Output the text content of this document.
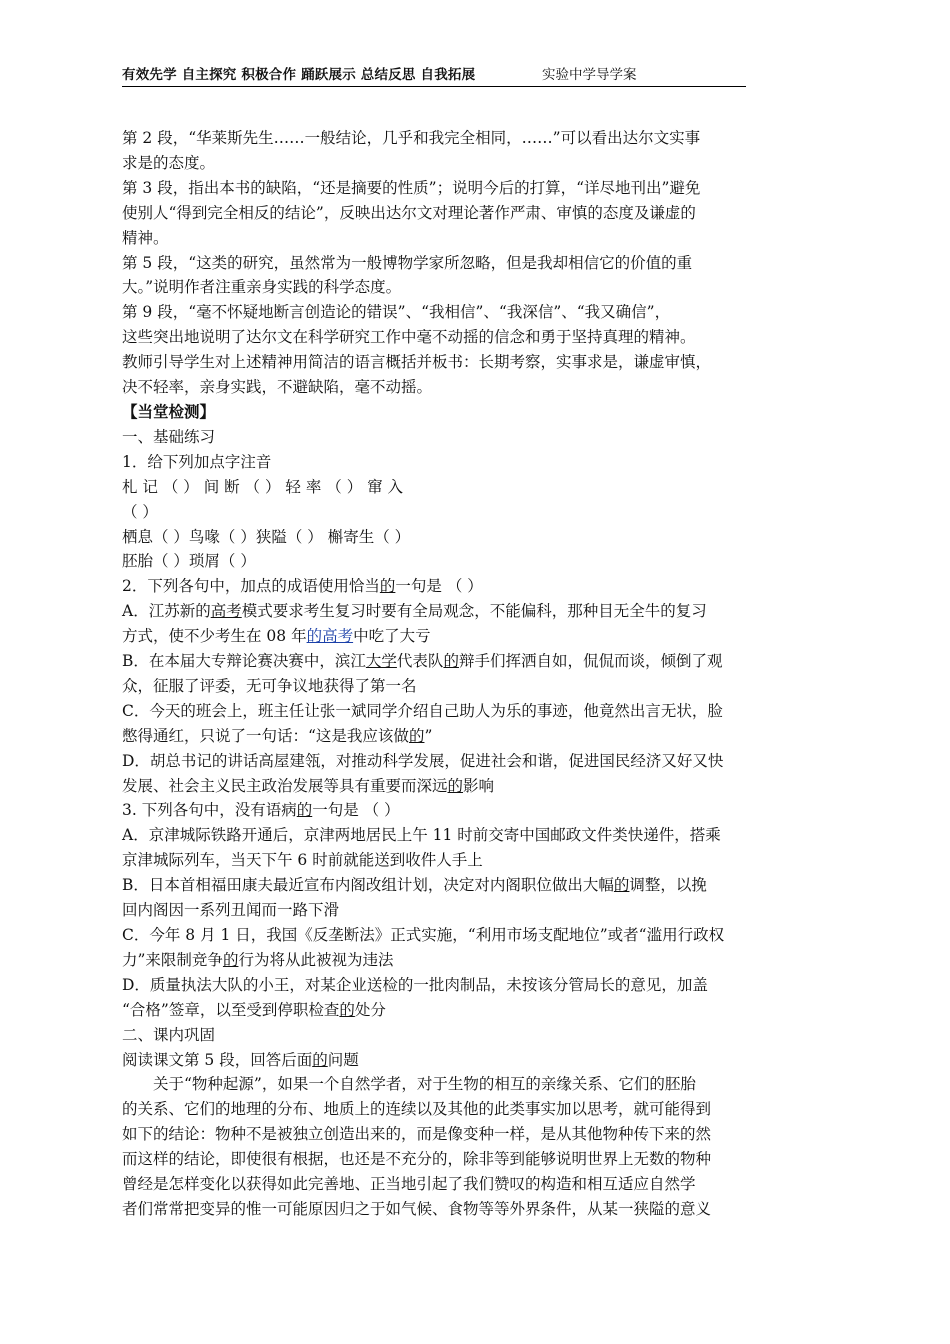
有效先学 自主探究 积极合作 踊跃展示 总结反思 自我拓展	实验中学导学案

第 2 段，“华莱斯先生……一般结论，几乎和我完全相同，……”可以看出达尔文实事

求是的态度。

第 3 段，指出本书的缺陷，“还是摘要的性质”；说明今后的打算，“详尽地刊出”避免

使别人“得到完全相反的结论”，反映出达尔文对理论著作严肃、审慎的态度及谦虚的

精神。

第 5 段，“这类的研究，虽然常为一般博物学家所忽略，但是我却相信它的价值的重

大。”说明作者注重亲身实践的科学态度。

第 9 段，“毫不怀疑地断言创造论的错误”、“我相信”、“我深信”、“我又确信”，

这些突出地说明了达尔文在科学研究工作中毫不动摇的信念和勇于坚持真理的精神。

教师引导学生对上述精神用简洁的语言概括并板书：长期考察，实事求是，谦虚审慎，

决不轻率，亲身实践，不避缺陷，毫不动摇。

【当堂检测】

一、基础练习

1．给下列加点字注音

札 记 （ ） 间 断 （ ） 轻 率 （ ） 窜 入

（ ）

栖息（ ）鸟喙（ ）狭隘（ ） 槲寄生（ ）

胚胎（ ）琐屑（ ）

2．下列各句中，加点的成语使用恰当的一句是 （ ）

A．江苏新的高考模式要求考生复习时要有全局观念，不能偏科，那种目无全牛的复习

方式，使不少考生在 08 年的高考中吃了大亏

B．在本届大专辩论赛决赛中，滨江大学代表队的辩手们挥洒自如，侃侃而谈，倾倒了观

众，征服了评委，无可争议地获得了第一名

C．今天的班会上，班主任让张一斌同学介绍自己助人为乐的事迹，他竟然出言无状，脸

憋得通红，只说了一句话：“这是我应该做的”

D．胡总书记的讲话高屋建瓴，对推动科学发展，促进社会和谐，促进国民经济又好又快

发展、社会主义民主政治发展等具有重要而深远的影响

3. 下列各句中，没有语病的一句是 （ ）

A．京津城际铁路开通后，京津两地居民上午 11 时前交寄中国邮政文件类快递件，搭乘

京津城际列车，当天下午 6 时前就能送到收件人手上

B．日本首相福田康夫最近宣布内阁改组计划，决定对内阁职位做出大幅的调整，以挽

回内阁因一系列丑闻而一路下滑

C．今年 8 月 1 日，我国《反垄断法》正式实施，“利用市场支配地位”或者“滥用行政权

力”来限制竞争的行为将从此被视为违法

D．质量执法大队的小王，对某企业送检的一批肉制品，未按该分管局长的意见，加盖

“合格”签章，以至受到停职检查的处分

二、课内巩固

阅读课文第 5 段，回答后面的问题

关于“物种起源”，如果一个自然学者，对于生物的相互的亲缘关系、它们的胚胎

的关系、它们的地理的分布、地质上的连续以及其他的此类事实加以思考，就可能得到

如下的结论：物种不是被独立创造出来的，而是像变种一样，是从其他物种传下来的然

而这样的结论，即使很有根据，也还是不充分的，除非等到能够说明世界上无数的物种

曾经是怎样变化以获得如此完善地、正当地引起了我们赞叹的构造和相互适应自然学

者们常常把变异的惟一可能原因归之于如气候、食物等等外界条件，从某一狭隘的意义
